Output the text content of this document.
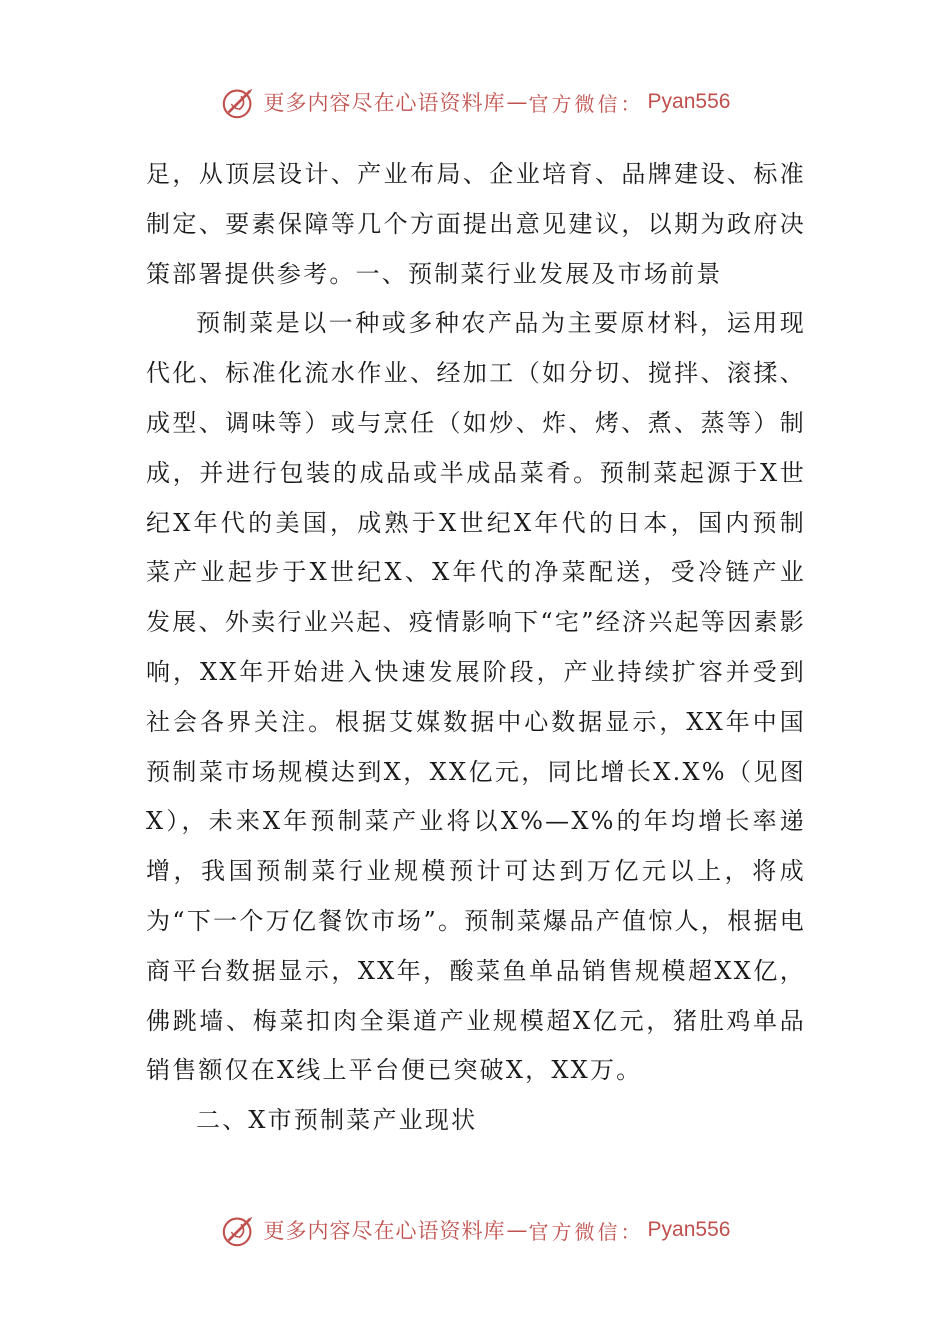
更多内容尽在心语资料库 — 官方微信： Pyan556

足，从顶层设计、产业布局、企业培育、品牌建设、标准制定、要素保障等几个方面提出意见建议，以期为政府决策部署提供参考。一、预制菜行业发展及市场前景

预制菜是以一种或多种农产品为主要原材料，运用现代化、标准化流水作业、经加工（如分切、搅拌、滚揉、成型、调味等）或与烹任（如炒、炸、烤、煮、蒸等）制成，并进行包装的成品或半成品菜肴。预制菜起源于X世纪X年代的美国，成熟于X世纪X年代的日本，国内预制菜产业起步于X世纪X、X年代的净菜配送，受冷链产业发展、外卖行业兴起、疫情影响下“宅”经济兴起等因素影响，XX年开始进入快速发展阶段，产业持续扩容并受到社会各界关注。根据艾媒数据中心数据显示，XX年中国预制菜市场规模达到X，XX亿元，同比增长X.X%（见图X），未来X年预制菜产业将以X%—X%的年均增长率递增，我国预制菜行业规模预计可达到万亿元以上，将成为“下一个万亿餐饮市场”。预制菜爆品产值惊人，根据电商平台数据显示，XX年，酸菜鱼单品销售规模超XX亿，佛跳墙、梅菜扣肉全渠道产业规模超X亿元，猪肚鸡单品销售额仅在X线上平台便已突破X，XX万。

二、X市预制菜产业现状

更多内容尽在心语资料库 — 官方微信： Pyan556
